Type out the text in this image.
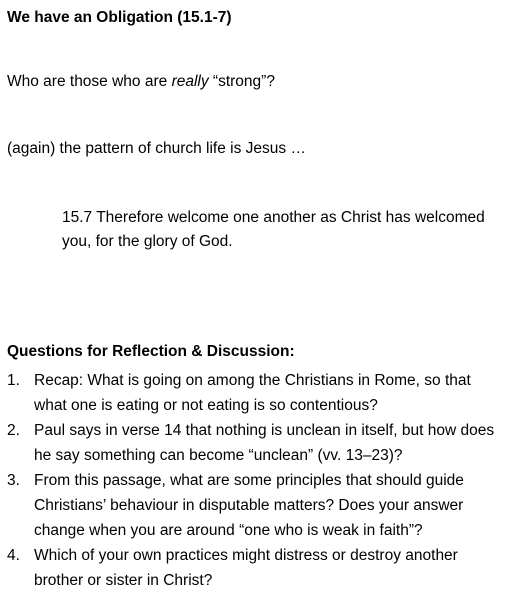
We have an Obligation (15.1-7)
Who are those who are really “strong”?
(again) the pattern of church life is Jesus …
15.7 Therefore welcome one another as Christ has welcomed you, for the glory of God.
Questions for Reflection & Discussion:
1. Recap: What is going on among the Christians in Rome, so that what one is eating or not eating is so contentious?
2. Paul says in verse 14 that nothing is unclean in itself, but how does he say something can become “unclean” (vv. 13–23)?
3. From this passage, what are some principles that should guide Christians’ behaviour in disputable matters? Does your answer change when you are around “one who is weak in faith”?
4. Which of your own practices might distress or destroy another brother or sister in Christ?
